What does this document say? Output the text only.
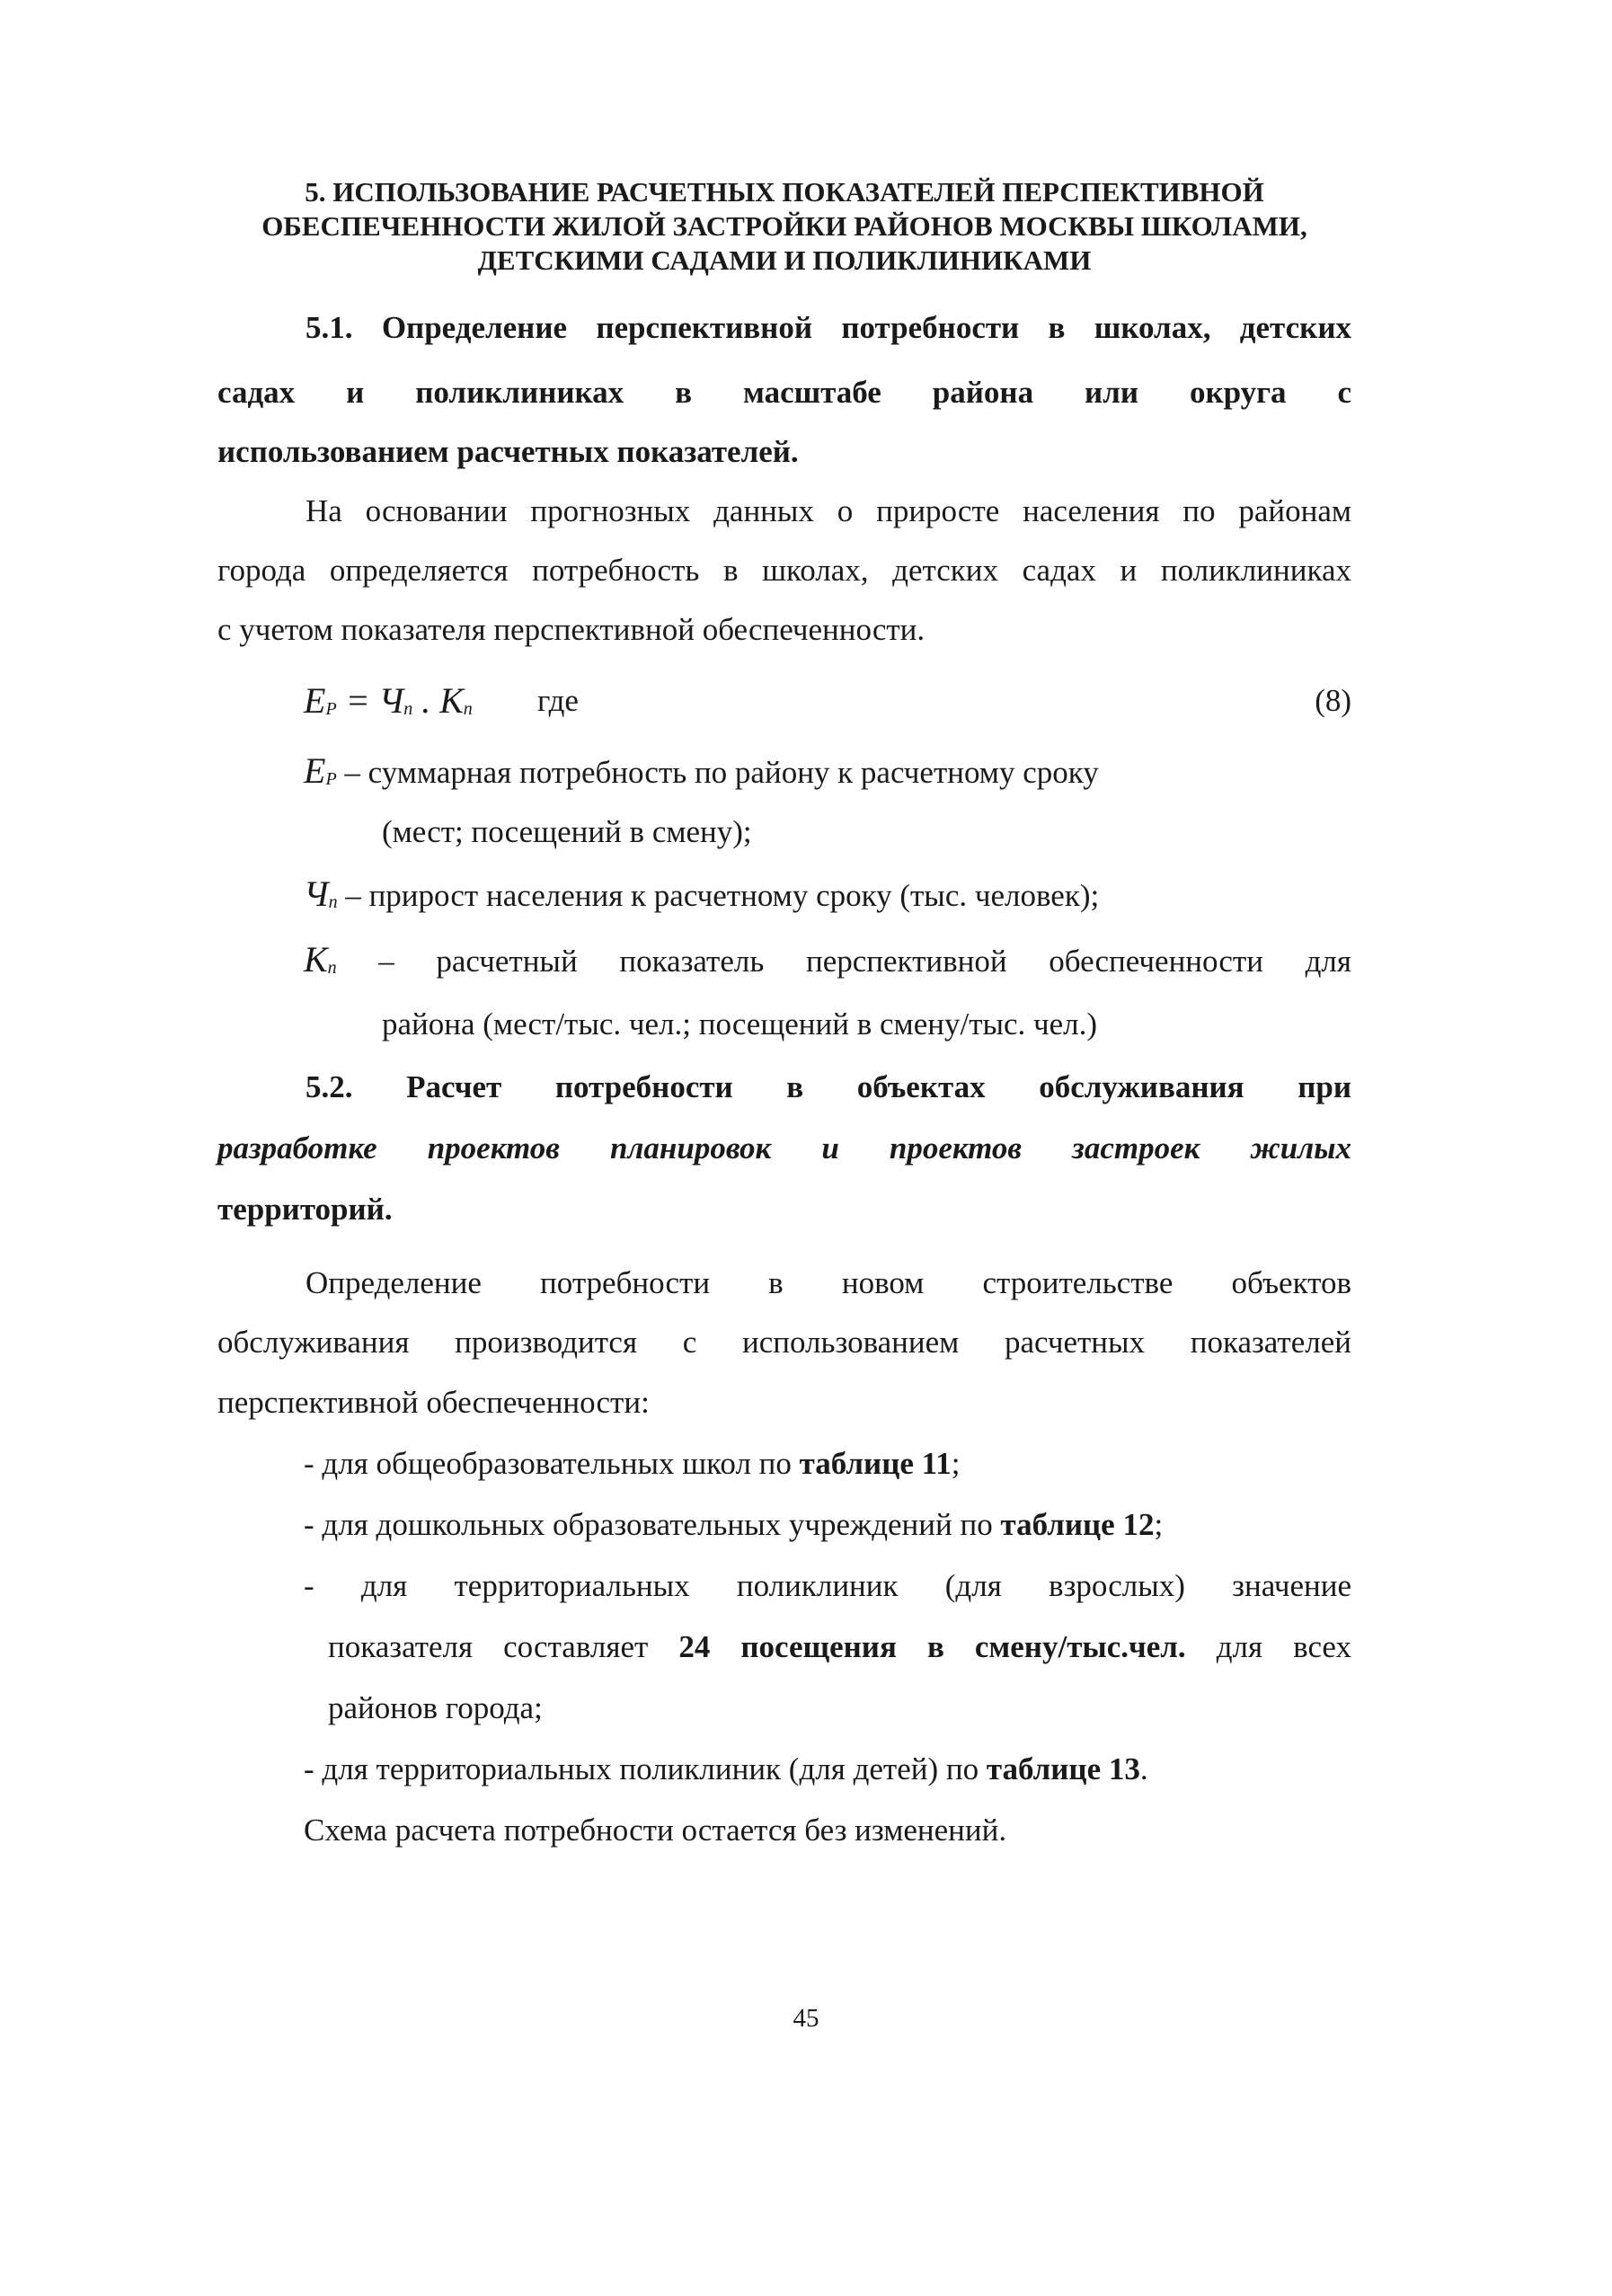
5. ИСПОЛЬЗОВАНИЕ РАСЧЕТНЫХ ПОКАЗАТЕЛЕЙ ПЕРСПЕКТИВНОЙ
ОБЕСПЕЧЕННОСТИ ЖИЛОЙ ЗАСТРОЙКИ РАЙОНОВ МОСКВЫ ШКОЛАМИ,
ДЕТСКИМИ САДАМИ И ПОЛИКЛИНИКАМИ
5.1. Определение перспективной потребности в школах, детских
садах и поликлиниках в масштабе района или округа с
использованием расчетных показателей.
На основании прогнозных данных о приросте населения по районам
города определяется потребность в школах, детских садах и поликлиниках
с учетом показателя перспективной обеспеченности.
$E_Р = Ч_п$ . $К_п$ где	(8)
$E_Р$ – суммарная потребность по району к расчетному сроку
(мест; посещений в смену);
$Ч_п$ – прирост населения к расчетному сроку (тыс. человек);
$К_п$ – расчетный показатель перспективной обеспеченности для
района (мест/тыс. чел.; посещений в смену/тыс. чел.)
5.2. Расчет потребности в объектах обслуживания при
разработке проектов планировок и проектов застроек жилых
территорий.
Определение потребности в новом строительстве объектов
обслуживания производится с использованием расчетных показателей
перспективной обеспеченности:
- для общеобразовательных школ по таблице 11;
- для дошкольных образовательных учреждений по таблице 12;
- для территориальных поликлиник (для взрослых) значение
показателя составляет 24 посещения в смену/тыс.чел. для всех
районов города;
- для территориальных поликлиник (для детей) по таблице 13.
Схема расчета потребности остается без изменений.
45
